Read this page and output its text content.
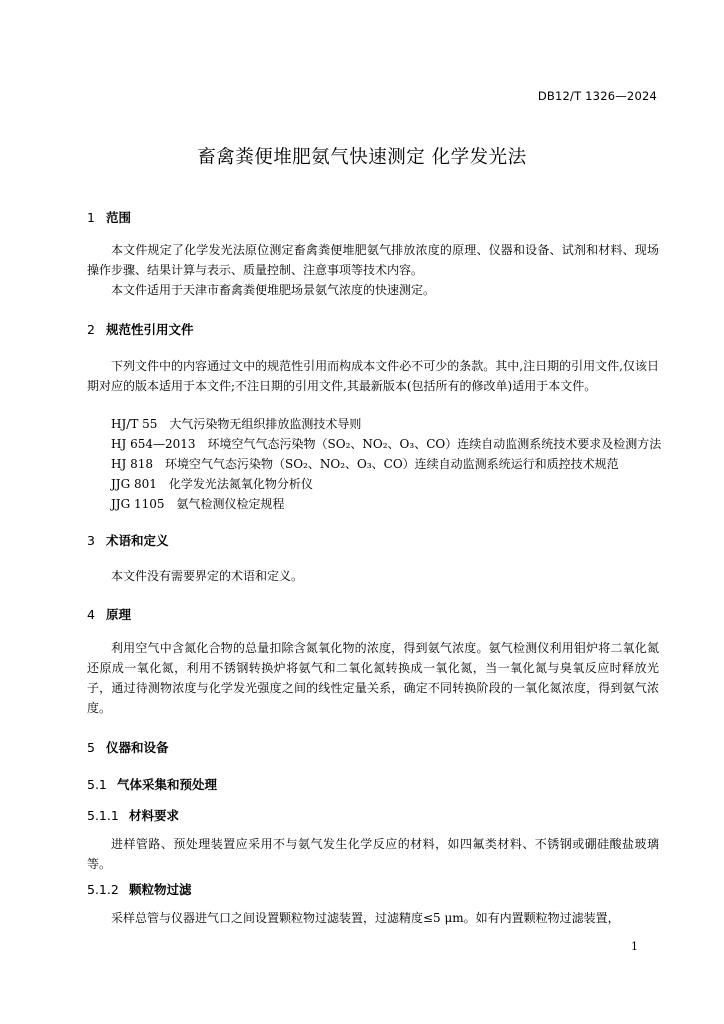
DB12/T 1326—2024
畜禽粪便堆肥氨气快速测定 化学发光法
1 范围
本文件规定了化学发光法原位测定畜禽粪便堆肥氨气排放浓度的原理、仪器和设备、试剂和材料、现场操作步骤、结果计算与表示、质量控制、注意事项等技术内容。
本文件适用于天津市畜禽粪便堆肥场景氨气浓度的快速测定。
2 规范性引用文件
下列文件中的内容通过文中的规范性引用而构成本文件必不可少的条款。其中,注日期的引用文件,仅该日期对应的版本适用于本文件;不注日期的引用文件,其最新版本(包括所有的修改单)适用于本文件。
HJ/T 55　大气污染物无组织排放监测技术导则
HJ 654—2013　环境空气气态污染物（SO₂、NO₂、O₃、CO）连续自动监测系统技术要求及检测方法
HJ 818　环境空气气态污染物（SO₂、NO₂、O₃、CO）连续自动监测系统运行和质控技术规范
JJG 801　化学发光法氮氧化物分析仪
JJG 1105　氨气检测仪检定规程
3 术语和定义
本文件没有需要界定的术语和定义。
4 原理
利用空气中含氮化合物的总量扣除含氮氧化物的浓度，得到氨气浓度。氨气检测仪利用钼炉将二氧化氮还原成一氧化氮，利用不锈钢转换炉将氨气和二氧化氮转换成一氧化氮，当一氧化氮与臭氧反应时释放光子，通过待测物浓度与化学发光强度之间的线性定量关系，确定不同转换阶段的一氧化氮浓度，得到氨气浓度。
5 仪器和设备
5.1 气体采集和预处理
5.1.1 材料要求
进样管路、预处理装置应采用不与氨气发生化学反应的材料，如四氟类材料、不锈钢或硼硅酸盐玻璃等。
5.1.2 颗粒物过滤
采样总管与仪器进气口之间设置颗粒物过滤装置，过滤精度≤5 μm。如有内置颗粒物过滤装置，
1
